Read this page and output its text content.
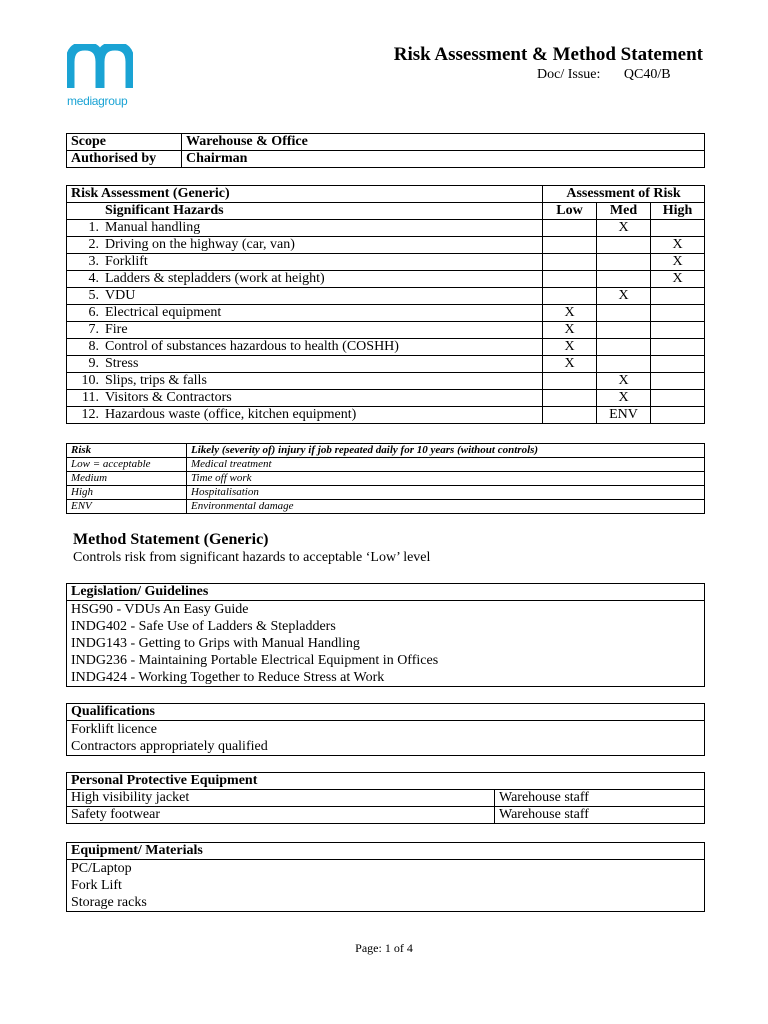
mediagroup
Risk Assessment & Method Statement
Doc/ Issue: QC40/B
Scope	Warehouse & Office
Authorised by	Chairman
Risk Assessment (Generic)		Assessment of Risk		
	Significant Hazards	Low	Med	High
1.	Manual handling		X	
2.	Driving on the highway (car, van)			X
3.	Forklift			X
4.	Ladders & stepladders (work at height)			X
5.	VDU		X	
6.	Electrical equipment	X		
7.	Fire	X		
8.	Control of substances hazardous to health (COSHH)	X		
9.	Stress	X		
10.	Slips, trips & falls		X	
11.	Visitors & Contractors		X	
12.	Hazardous waste (office, kitchen equipment)		ENV	
Risk	Likely (severity of) injury if job repeated daily for 10 years (without controls)
Low = acceptable	Medical treatment
Medium	Time off work
High	Hospitalisation
ENV	Environmental damage
Method Statement (Generic)
Controls risk from significant hazards to acceptable ‘Low’ level
Legislation/ Guidelines
HSG90 - VDUs An Easy Guide
INDG402 - Safe Use of Ladders & Stepladders
INDG143 - Getting to Grips with Manual Handling
INDG236 - Maintaining Portable Electrical Equipment in Offices
INDG424 - Working Together to Reduce Stress at Work
Qualifications
Forklift licence
Contractors appropriately qualified
Personal Protective Equipment	
High visibility jacket	Warehouse staff
Safety footwear	Warehouse staff
Equipment/ Materials
PC/Laptop
Fork Lift
Storage racks
Page: 1 of 4
